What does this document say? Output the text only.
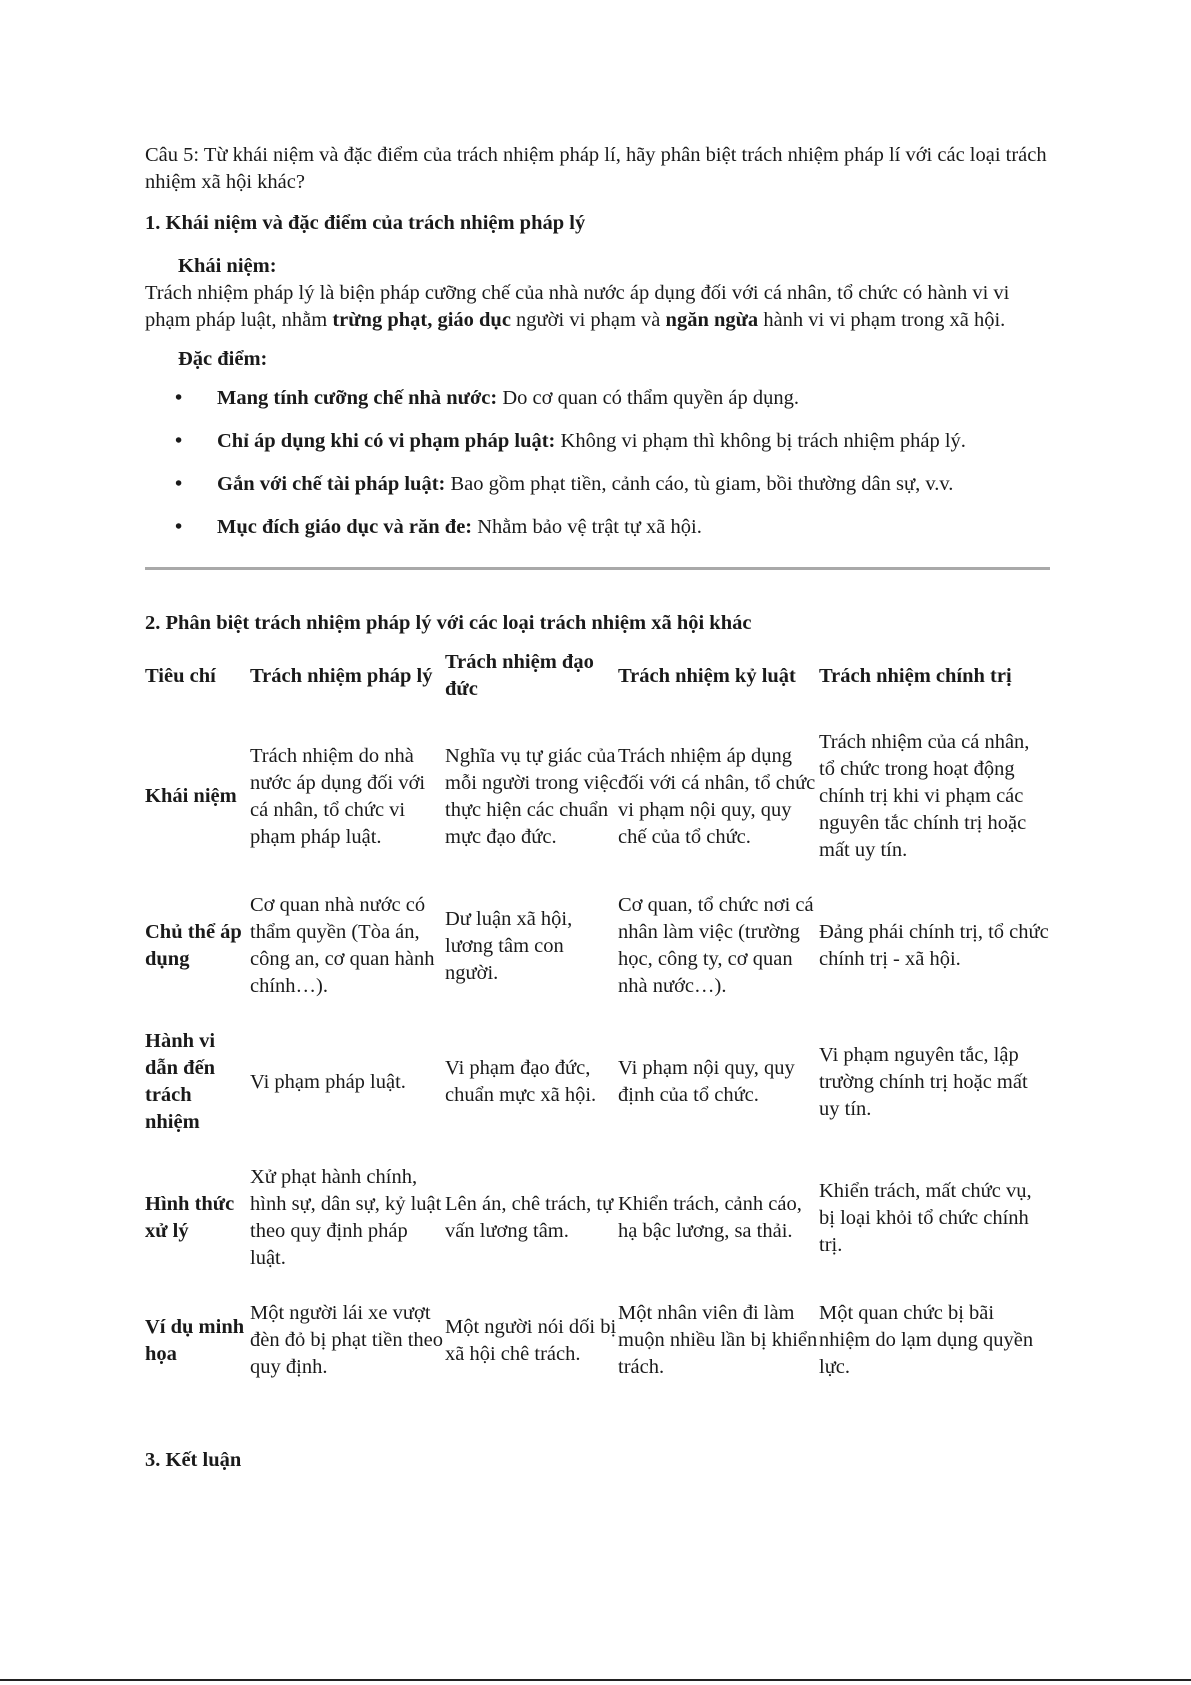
Câu 5: Từ khái niệm và đặc điểm của trách nhiệm pháp lí, hãy phân biệt trách nhiệm pháp lí với các loại trách nhiệm xã hội khác?

1. Khái niệm và đặc điểm của trách nhiệm pháp lý

Khái niệm:

Trách nhiệm pháp lý là biện pháp cưỡng chế của nhà nước áp dụng đối với cá nhân, tổ chức có hành vi vi phạm pháp luật, nhằm trừng phạt, giáo dục người vi phạm và ngăn ngừa hành vi vi phạm trong xã hội.

Đặc điểm:

• Mang tính cưỡng chế nhà nước: Do cơ quan có thẩm quyền áp dụng.
• Chỉ áp dụng khi có vi phạm pháp luật: Không vi phạm thì không bị trách nhiệm pháp lý.
• Gắn với chế tài pháp luật: Bao gồm phạt tiền, cảnh cáo, tù giam, bồi thường dân sự, v.v.
• Mục đích giáo dục và răn đe: Nhằm bảo vệ trật tự xã hội.

2. Phân biệt trách nhiệm pháp lý với các loại trách nhiệm xã hội khác

Tiêu chí	Trách nhiệm pháp lý	Trách nhiệm đạo đức	Trách nhiệm kỷ luật	Trách nhiệm chính trị
Khái niệm	Trách nhiệm do nhà nước áp dụng đối với cá nhân, tổ chức vi phạm pháp luật.	Nghĩa vụ tự giác của mỗi người trong việc thực hiện các chuẩn mực đạo đức.	Trách nhiệm áp dụng đối với cá nhân, tổ chức vi phạm nội quy, quy chế của tổ chức.	Trách nhiệm của cá nhân, tổ chức trong hoạt động chính trị khi vi phạm các nguyên tắc chính trị hoặc mất uy tín.
Chủ thể áp dụng	Cơ quan nhà nước có thẩm quyền (Tòa án, công an, cơ quan hành chính…).	Dư luận xã hội, lương tâm con người.	Cơ quan, tổ chức nơi cá nhân làm việc (trường học, công ty, cơ quan nhà nước…).	Đảng phái chính trị, tổ chức chính trị - xã hội.
Hành vi dẫn đến trách nhiệm	Vi phạm pháp luật.	Vi phạm đạo đức, chuẩn mực xã hội.	Vi phạm nội quy, quy định của tổ chức.	Vi phạm nguyên tắc, lập trường chính trị hoặc mất uy tín.
Hình thức xử lý	Xử phạt hành chính, hình sự, dân sự, kỷ luật theo quy định pháp luật.	Lên án, chê trách, tự vấn lương tâm.	Khiển trách, cảnh cáo, hạ bậc lương, sa thải.	Khiển trách, mất chức vụ, bị loại khỏi tổ chức chính trị.
Ví dụ minh họa	Một người lái xe vượt đèn đỏ bị phạt tiền theo quy định.	Một người nói dối bị xã hội chê trách.	Một nhân viên đi làm muộn nhiều lần bị khiển trách.	Một quan chức bị bãi nhiệm do lạm dụng quyền lực.

3. Kết luận
